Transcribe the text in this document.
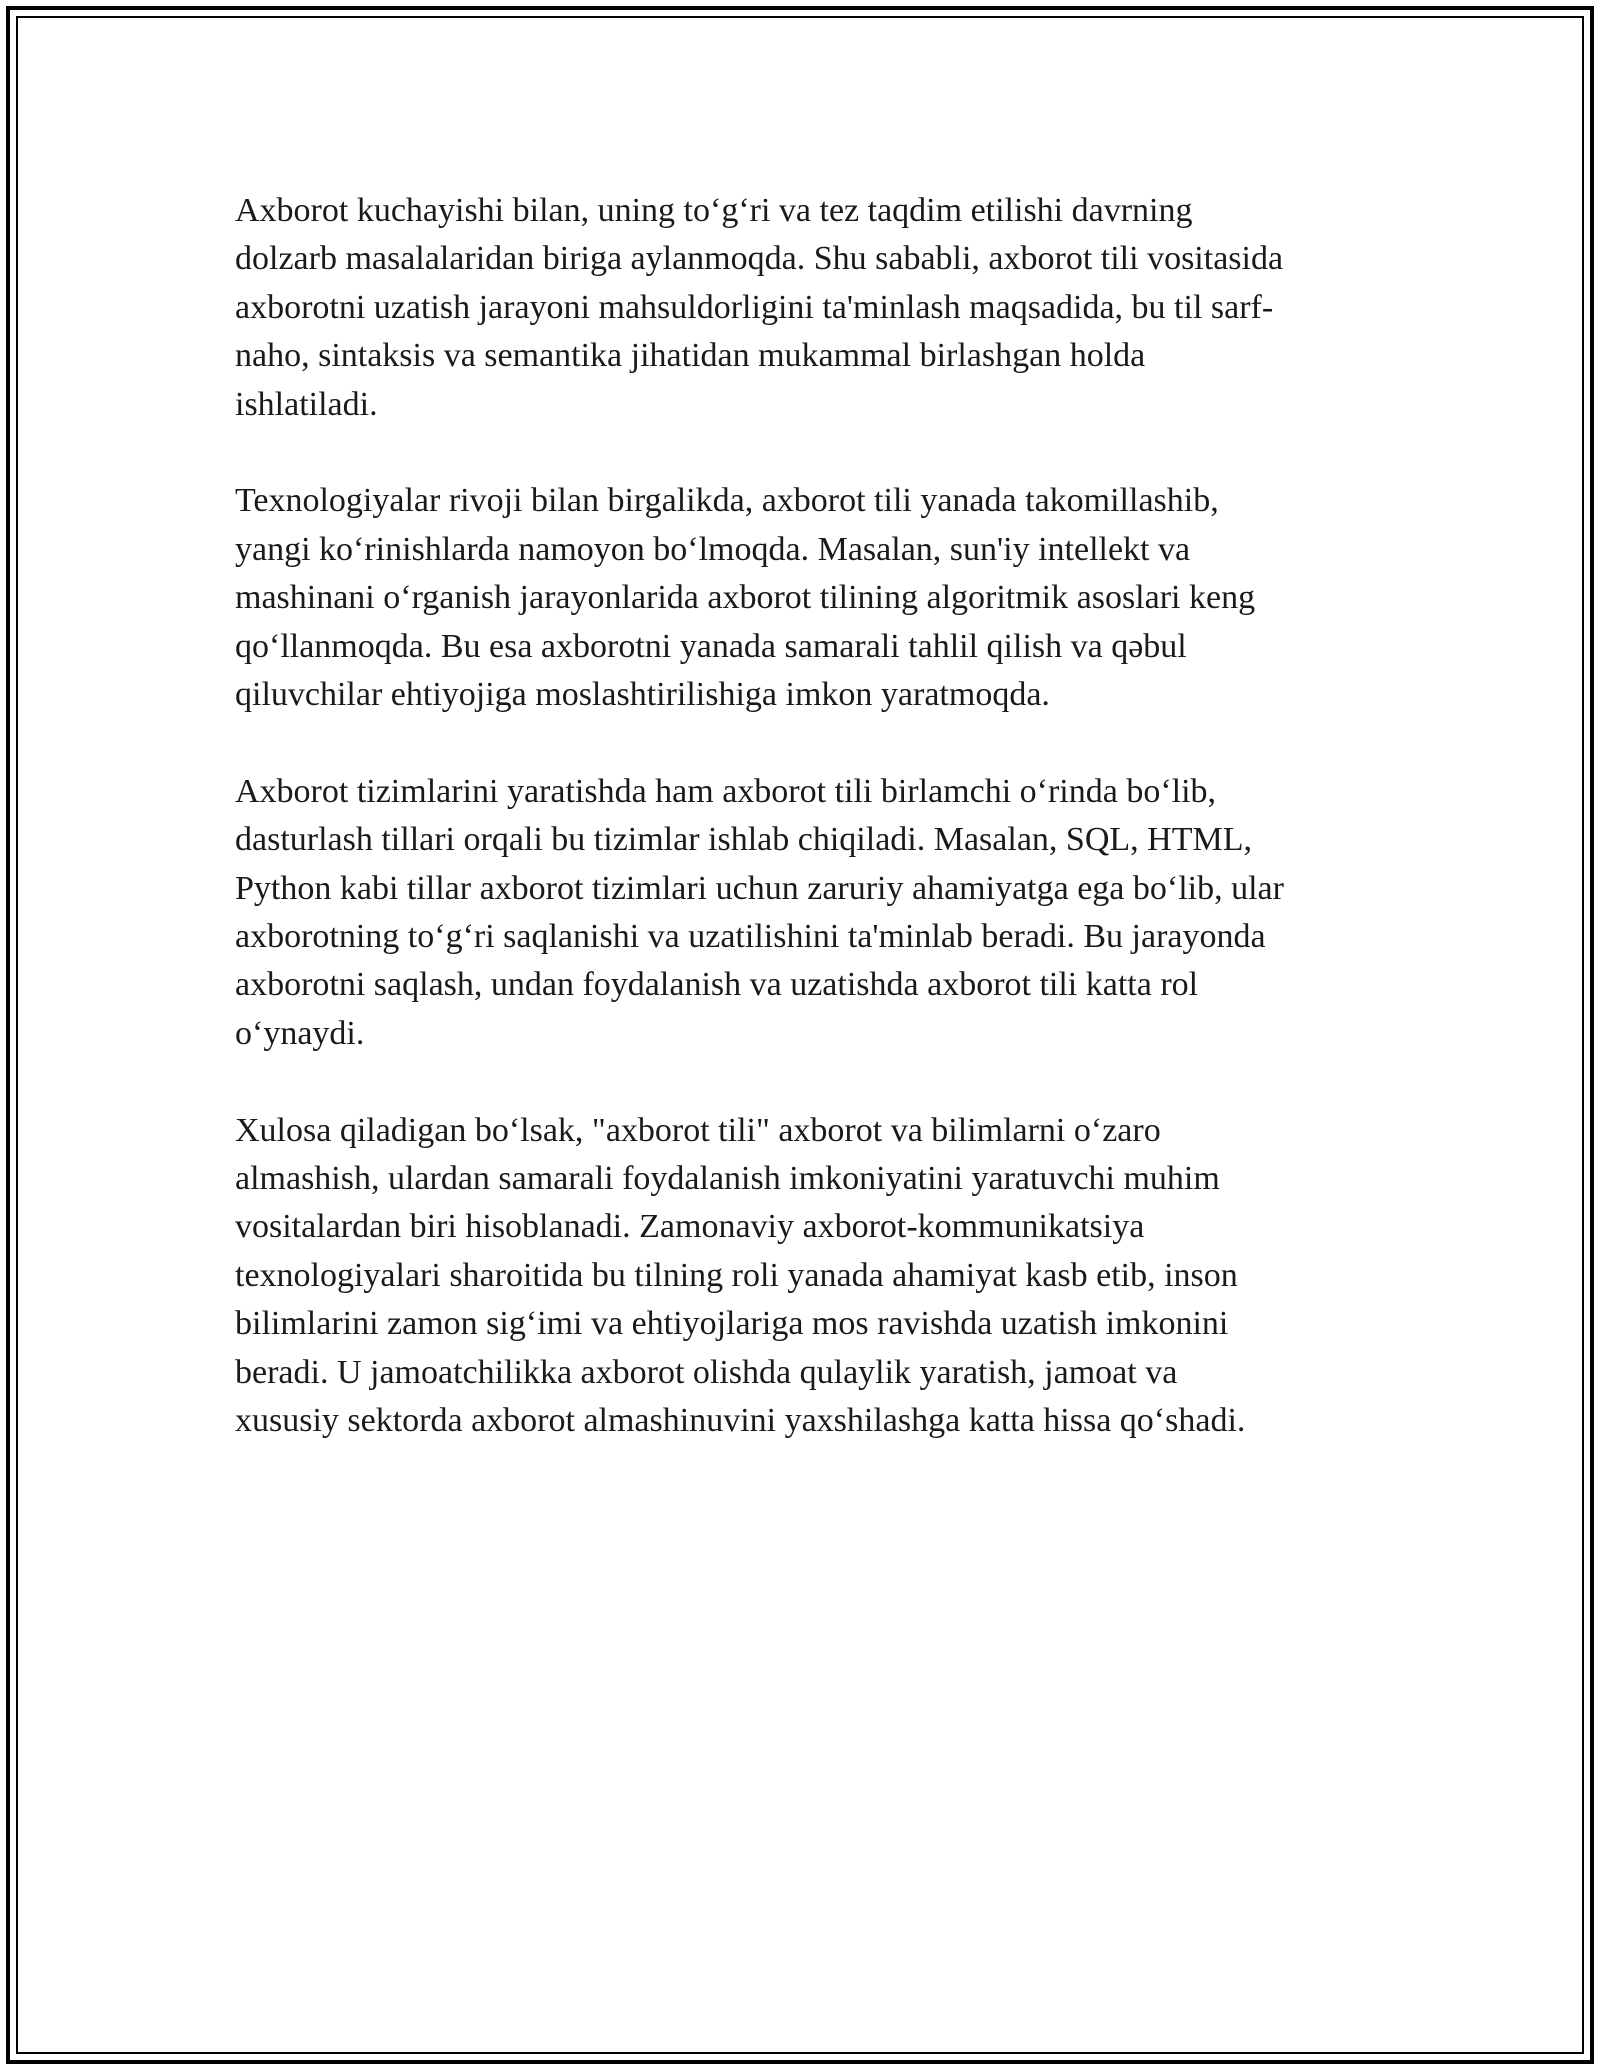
Axborot kuchayishi bilan, uning to‘g‘ri va tez taqdim etilishi davrning
dolzarb masalalaridan biriga aylanmoqda. Shu sababli, axborot tili vositasida
axborotni uzatish jarayoni mahsuldorligini ta'minlash maqsadida, bu til sarf-
naho, sintaksis va semantika jihatidan mukammal birlashgan holda
ishlatiladi.

Texnologiyalar rivoji bilan birgalikda, axborot tili yanada takomillashib,
yangi ko‘rinishlarda namoyon bo‘lmoqda. Masalan, sun'iy intellekt va
mashinani o‘rganish jarayonlarida axborot tilining algoritmik asoslari keng
qo‘llanmoqda. Bu esa axborotni yanada samarali tahlil qilish va qəbul
qiluvchilar ehtiyojiga moslashtirilishiga imkon yaratmoqda.

Axborot tizimlarini yaratishda ham axborot tili birlamchi o‘rinda bo‘lib,
dasturlash tillari orqali bu tizimlar ishlab chiqiladi. Masalan, SQL, HTML,
Python kabi tillar axborot tizimlari uchun zaruriy ahamiyatga ega bo‘lib, ular
axborotning to‘g‘ri saqlanishi va uzatilishini ta'minlab beradi. Bu jarayonda
axborotni saqlash, undan foydalanish va uzatishda axborot tili katta rol
o‘ynaydi.

Xulosa qiladigan bo‘lsak, "axborot tili" axborot va bilimlarni o‘zaro
almashish, ulardan samarali foydalanish imkoniyatini yaratuvchi muhim
vositalardan biri hisoblanadi. Zamonaviy axborot-kommunikatsiya
texnologiyalari sharoitida bu tilning roli yanada ahamiyat kasb etib, inson
bilimlarini zamon sig‘imi va ehtiyojlariga mos ravishda uzatish imkonini
beradi. U jamoatchilikka axborot olishda qulaylik yaratish, jamoat va
xususiy sektorda axborot almashinuvini yaxshilashga katta hissa qo‘shadi.
